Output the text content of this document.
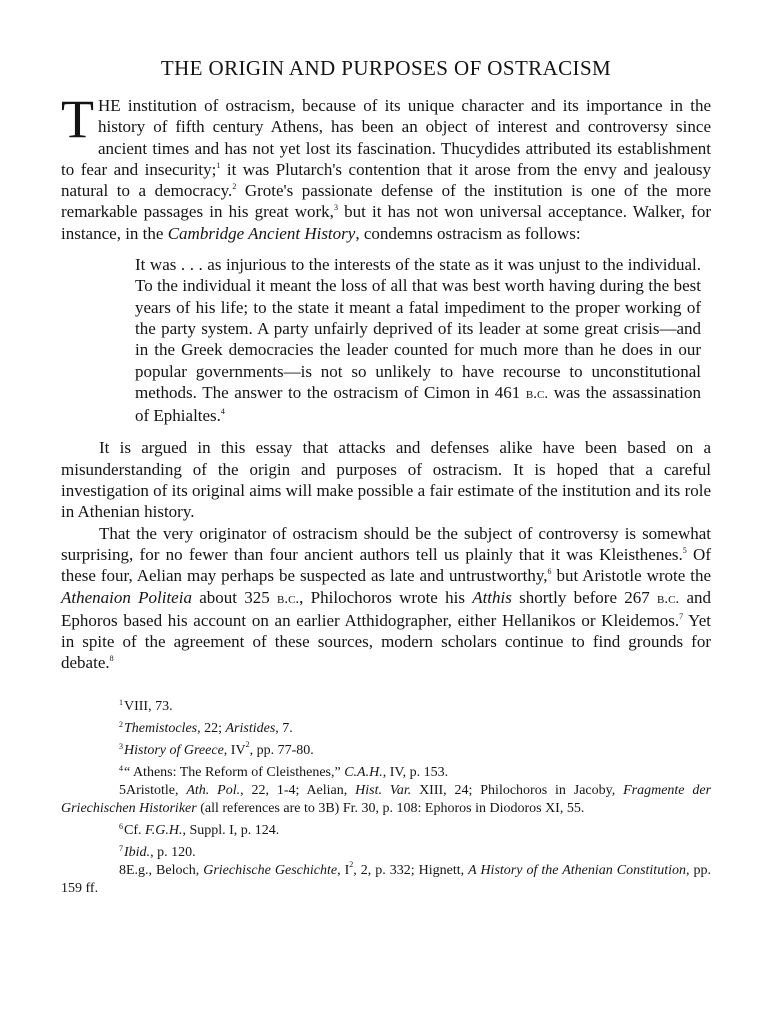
THE ORIGIN AND PURPOSES OF OSTRACISM

THE institution of ostracism, because of its unique character and its importance in the history of fifth century Athens, has been an object of interest and controversy since ancient times and has not yet lost its fascination. Thucydides attributed its establishment to fear and insecurity;$^1$ it was Plutarch's contention that it arose from the envy and jealousy natural to a democracy.$^2$ Grote's passionate defense of the institution is one of the more remarkable passages in his great work,$^3$ but it has not won universal acceptance. Walker, for instance, in the Cambridge Ancient History, condemns ostracism as follows:

It was . . . as injurious to the interests of the state as it was unjust to the individual. To the individual it meant the loss of all that was best worth having during the best years of his life; to the state it meant a fatal impediment to the proper working of the party system. A party unfairly deprived of its leader at some great crisis—and in the Greek democracies the leader counted for much more than he does in our popular governments—is not so unlikely to have recourse to unconstitutional methods. The answer to the ostracism of Cimon in 461 b.c. was the assassination of Ephialtes.$^4$

It is argued in this essay that attacks and defenses alike have been based on a misunderstanding of the origin and purposes of ostracism. It is hoped that a careful investigation of its original aims will make possible a fair estimate of the institution and its role in Athenian history.

That the very originator of ostracism should be the subject of controversy is somewhat surprising, for no fewer than four ancient authors tell us plainly that it was Kleisthenes.$^5$ Of these four, Aelian may perhaps be suspected as late and untrustworthy,$^6$ but Aristotle wrote the Athenaion Politeia about 325 b.c., Philochoros wrote his Atthis shortly before 267 b.c. and Ephoros based his account on an earlier Atthidographer, either Hellanikos or Kleidemos.$^7$ Yet in spite of the agreement of these sources, modern scholars continue to find grounds for debate.$^8$

$^1$VIII, 73.

$^2$Themistocles, 22; Aristides, 7.

$^3$History of Greece, $IV^2$, pp. 77-80.

$^4$“ Athens: The Reform of Cleisthenes,” C.A.H., IV, p. 153.

5Aristotle, Ath. Pol., 22, 1-4; Aelian, Hist. Var. XIII, 24; Philochoros in Jacoby, Fragmente der Griechischen Historiker (all references are to 3B) Fr. 30, p. 108: Ephoros in Diodoros XI, 55.

$^6$Cf. F.G.H., Suppl. I, p. 124.

$^7$Ibid., p. 120.

8E.g., Beloch, Griechische Geschichte, $I^2$, 2, p. 332; Hignett, A History of the Athenian Constitution, pp. 159 ff.
